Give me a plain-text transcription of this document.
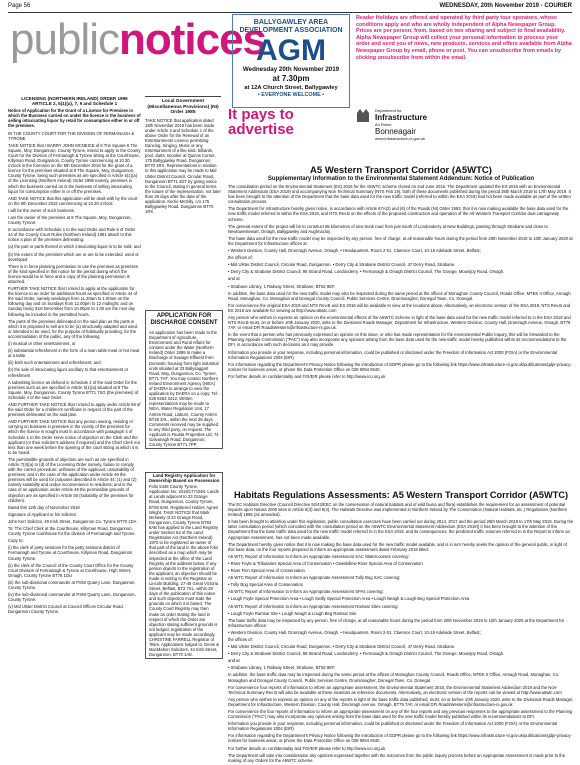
Page 56	WEDNESDAY, 20th November 2019 - COURIER
publicnotices
BALLYGAWLEY AREA
DEVELOPMENT ASSOCIATION
AGM
Wednesday 20th November 2019
at 7.30pm
at 12A Church Street, Ballygawley
• EVERYONE WELCOME •
Reader Holidays are offered and operated by third party tour operators, whose conditions apply and who are wholly independent of Alpha Newspaper Group. Prices are per person, from, based on two sharing and subject to final availability. Alpha Newspaper Group will collect your personal information to process your order and send you of news, new products, services and offers available from Alpha Newspaper Group by email, phone or post. You can unsubscribe from emails by clicking unsubscribe from within the email.
LICENSING (NORTHERN IRELAND) ORDER 1996
ARTICLE 2, 5(1)(a), 7, 9 and Schedule 1

Notice of Application for the Grant of a Licence for Premises in which the Business carried on under the licence is the business of selling intoxicating liquor by retail for consumption either in or off the premises.

IN THE COUNTY COURT FOR THE DIVISION OF FERMANAGH & TYRONE

TAKE NOTICE that I BARRY JOHN MCNEICE of 6 The Square 6 The Square, Moy, Dungannon, County Tyrone, intend to apply to the County Court for the Division of Fermanagh & Tyrone sitting at the Courthouse, Killyman Road, Dungannon, County Tyrone commencing at 10.30 o'clock in the forenoon on the 5th December 2019 for the grant of a licence for the premises situated at 9 The Square, Moy, Dungannon, County Tyrone, being such premises as are specified in Article 5(1)(a) of the Licensing (Northern Ireland) Order 1996 namely, premises in which the business carried on is the business of selling intoxicating liquor for consumption either in or off the premises.

AND TAKE NOTICE that this application will be dealt with by the court on the 5th December 2019 commencing at 10.30 o'clock.

I will be the owner of such business.

I am the owner of the premises at 9 The Square, Moy, Dungannon, County Tyrone.

In accordance with Schedule 1 to the said Order and Rule 6 of Order 44 of the County Court Rules (Northern Ireland) 1981 attach to this notice a plan of the premises delineating:

(a) the part or parts thereof in which intoxicating liquor is to be sold; and

(b) the extent of the premises which are or are to be extended, used or developed

There is in force planning permission to use the premises as premises of the kind specified in this notice for the period during which the licence would be in force and a copy of the planning permission is attached.

FURTHER TAKE NOTICE that I intend to apply at the application for the licence to an order for additional hours as specified in Article 44 of the said Order, namely weekdays from 11.30am to 1.00am on the following day and on Sundays from 12.00pm to 12 midnight; and on Sunday being 31st December from 10.00pm to 1.00 am the next day following be included in the permitted hours.

The parts of the premises delineated on the said plan as the parts in which it is proposed to sell are to be (a) structurally adapted and used, or intended to be used, for the purpose of habitually providing, for the accommodation of the public, any of the following:

(i) musical or other entertainment, or

(ii) substantial refreshment in the form of a main table meal or hot meal at a table.

(iii) both such entertainment and refreshment; and

(b) the sale of intoxicating liquor ancillary to that entertainment or refreshment

A subsisting licence as defined in Schedule 2 of the said Order for the premises such as are specified in Article 5(1)(a) situated at 9 The Square, Moy, Dungannon, County Tyrone BT71 7SG (the premises) of Schedule 4 of the said Order.

AND FURTHER TAKE NOTICE that I intend to apply under Article 59 of the said Order for a children's certificate in respect of the part of the premises delineated on the said plan.

AND FURTHER TAKE NOTICE that any person owning, residing or carrying on business in premises in the vicinity of the premises for which the licence is sought must in accordance with paragraph 4 of Schedule 1 to the Order serve notice of objection on the Clerk and the applicant (or their solicitor's address if required) and the Chief Clerk not less than one week before the opening of the court sitting at which it is to be heard.

The permissible grounds of objection are such as are specified in Article 7(4)(a) to (d) of the Licensing Order namely, failure to comply with the correct procedure; unfitness of the applicant; unsuitability of premises; and in the case of the application under Article 48 the premises will be used for purposes described in Article 44; (1) and (2) namely suitability and undue inconvenience to residents; and in the case of an application under Article 49 the permissible grounds of objection are as specified in Article 50 (suitability of the premises for children).

Dated this 12th day of November 2019

Signature of Applicant or his Solicitor

John Kerr Solicitor, 49 Irish Street, Dungannon Co. Tyrone BT70 1DA

To: The Chief Clerk at the Courthouse, Killyman Road, Dungannon, County Tyrone courthouse for the division of Fermanagh and Tyrone.

Copy to:

(i) the clerk of petty sessions for the petty sessions district of Fermanagh and Tyrone at Courthouse, Killyman Road, Dungannon County Tyrone.

(ii) the clerk of the Council of the County Court Office for the County Court Division of Fermanagh & Tyrone at Courthouse, High Street, Omagh, County Tyrone BT78 1DU

(iii) the sub-divisional commander at PSNI Quarry Lane, Dungannon, County Tyrone.

(iv) the sub-divisional commander at PSNI Quarry Lane, Dungannon, County Tyrone.

(v) Mid Ulster District Council at Council Offices Circular Road, Dungannon County Tyrone.

Local Government (Miscellaneous Provisions) (NI) Order 1985

TAKE NOTICE that application dated 18th November 2019 has been made under Article 3 and Schedule 1 of the above Order for the Renewal of an Entertainments Licence permitting: Dancing, Singing, Music or any Entertainment of a like kind, billiards, pool, darts, snooker at Quinns Corner, 175 Ballygawley Road, Dungannon BT70 1RX. Representations in relation to this application may be made to Mid Ulster District Council, Circular Road, Dungannon BT71 4DT by giving notice to the Council, stating in general terms the nature of the representation, not later than 28 days after the date of the application. Kerrie McGilly, c/o 175 Ballygawley Road, Dungannon BT70 1RX

It pays to advertise
Department for
Infrastructure
An Roinn
Bonneagair
www.infrastructure-ni.gov.uk
A5 Western Transport Corridor (A5WTC)
Supplementary Information to the Environmental Statement Addendum: Notice of Publication

The consultation period on the Environmental Statement (ES) 2016 for the A5WTC scheme closed on 2nd June 2016. The Department updated the ES 2016 with an Environmental Statement Addendum (ESA 2019) and accompanying Non Technical Summary (NTS Feb 19), both of these documents published during the period 26th March 2019 to 17th May 2019. It has been brought to the attention of the Department that the base data used for the new traffic model (referred to within the ESA 2019) had not been made available as part of the written consultation process.

The Department for Infrastructure hereby gives notice, in accordance with Article 67A(2) and (6) of the Roads (NI) Order 1993, that it is now making available the base data used for the new traffic model referred to within the ESA 2019, and NTS Rev.B on the effects of the proposed construction and operation of the A5 Western Transport Corridor dual carriageway scheme.

The general extent of the project will be to construct 85 kilometres of new trunk road from just south of Londonderry at New Buildings, passing through Strabane and close to Newtownstewart, Omagh, Ballygawley and Aughnacloy.

The base data used for the new traffic model may be inspected by any person, free of charge, at all reasonable hours during the period from 20th November 2019 to 10th January 2020 at the Department for Infrastructure offices at:

• Western Division, County Hall, Drumragh Avenue, Omagh. • Headquarters, Room 2-01, Clarence Court, 10-18 Adelaide Street, Belfast;

the offices of:

• Mid Ulster District Council, Circular Road, Dungannon. • Derry City & Strabane District Council, 47 Derry Road, Strabane.

• Derry City & Strabane District Council, 98 Strand Road, Londonderry. • Fermanagh & Omagh District Council, The Grange, Mountjoy Road, Omagh.

and at

• Strabane Library, 1 Railway Street, Strabane, BT82 8EF.

In addition, the base data used for the new traffic model may also be inspected during the same period at the offices of Monaghan County Council, Roads Office, MTEK II Office, Armagh Road, Monaghan, Co. Monaghan and Donegal County Council, Public Services Centre, Drumlonagher, Donegal Town, Co. Donegal.

For convenience the original ESA 2019 and NTS Rev.B and ES 2016 will be available to view at the locations above. Alternatively, an electronic version of the ESA 2019, NTS Rev.B and ES 2016 are available for viewing at http://www.a5wtc.com

Any person who wishes to express an opinion on the environmental effects of the A5WTC Scheme in light of the base data used for the new traffic model referred to in the ESA 2019 and NTS Rev.B must, on or before 10th January 2020, write to the Divisional Roads Manager, Department for Infrastructure, Western Division, County Hall, Drumragh Avenue, Omagh, BT79 7AF, or email DFI.RoadsWestern@infrastructure-ni.gov.uk.

In the event that a person who has previously expressed an opinion on this issue, or who has made representation for the environmental Public Inquiry, this will be forwarded to the Planning Appeals Commission ("PAC") may also incorporate any opinions arising from the base data used for the new traffic model hereby published within its recommendations to the DFI, in accordance with such decisions as it may provide.

Information you provide in your response, including personal information, could be published or disclosed under the Freedom of Information Act 2000 (FOIA) or the Environmental Information Regulations 2004 (EIR).

For information regarding the Department's Privacy Notice following the introduction of GDPR please go to the following link https://www.infrastructure-ni.gov.uk/publications/gdpr-privacy-notices for business areas, or phone the Data Protection Office on 028 9054 0540.

For further details on confidentiality and FOI/EIR please refer to http://www.ico.org.uk

Habitats Regulations Assessments: A5 Western Transport Corridor (A5WTC)

The EC Habitats Directive (Council Directive 92/43/EEC on the conservation of natural habitats and of wild fauna and flora) establishes the requirement for an assessment of potential impacts upon Natura 2000 sites in Article 6(3) and 6(4). The Habitats Directive was implemented in Northern Ireland by The Conservation (Natural Habitats, etc.) Regulations (Northern Ireland) 1995 (as amended).

It has been brought to attention under this legislation, public consultation exercises have been carried out during 2014, 2017 and the period 26th March 2019 to 17th May 2019. During the latter consultation period (which coincided with the consultation period on the A5WTC Environmental Statement Addendum (ESA 2019)) it has been brought to the attention of the Department that the base traffic data used for the new traffic model referred to in the ESA 2019, and its consequences, the predicted traffic volumes referred to in the Report to inform an Appropriate Assessment, has not been made available.

The Department hereby gives notice that it is now making the base data used for the new traffic model available, and is in turn hereby seeks the opinion of the general public, in light of this base data, on the four reports prepared to inform an appropriate assessment dated February 2019 titled:

A5 WTC Report of Information to Inform an Appropriate Assessment SAC Watercourses covering:

• River Foyle & Tributaries Special Area of Conservation • Owenkillew River Special Area of Conservation

• River Finn Special Area of Conservation

A5 WTC Report of Information to Inform an Appropriate Assessment Tully Bog SAC covering:

• Tully Bog Special Area of Conservation

A5 WTC Report of Information to Inform an Appropriate Assessment SPAs covering:

• Lough Foyle Special Protection Area • Lough Swilly Special Protection Area • Lough Neagh & Lough Beg Special Protection Area

A5 WTC Report of Information to Inform an Appropriate Assessment Ramsar Sites covering:

• Lough Foyle Ramsar Site • Lough Neagh & Lough Beg Ramsar Site

The base traffic data may be inspected by any person, free of charge, at all reasonable hours during the period from 20th November 2019 to 10th January 2020 at the Department for Infrastructure offices:

• Western Division, County Hall, Drumragh Avenue, Omagh. • Headquarters, Room 2-01, Clarence Court, 10-18 Adelaide Street, Belfast;

the offices of:

• Mid Ulster District Council, Circular Road, Dungannon. • Derry City & Strabane District Council, 47 Derry Road, Strabane.

• Derry City & Strabane District Council, 98 Strand Road, Londonderry. • Fermanagh & Omagh District Council, The Grange, Mountjoy Road, Omagh.

and at

• Strabane Library, 1 Railway Street, Strabane, BT82 8EF.

In addition, the base traffic data may be inspected during the same period at the offices of Monaghan County Council, Roads Office, MTEK II Office, Armagh Road, Monaghan, Co. Monaghan and Donegal County Council, Public Services Centre, Drumlonagher, Donegal Town, Co. Donegal.

For convenience four reports of information to inform an appropriate assessment, the Environmental Statement 2016, the Environmental Statement Addendum 2019 and the Non-Technical Summary Rev B will also be available at these locations as reference documents. Alternatively, an electronic version of the reports can be viewed at http://www.a5wtc.com

Any person who wishes to express an opinion on any of the reports in light of the base traffic data published, must, on or before 10th January 2020, write to the Divisional Roads Manager, Department for Infrastructure, Western Division, County Hall, Drumragh Avenue, Omagh, BT79 7AF, or email DFI.RoadsWestern@infrastructure-ni.gov.uk

For convenience the four reports of information to inform an appropriate assessment on any of the four reports and any previous responses to the appropriate assessment to the Planning Commission ("PAC") may also incorporate any opinions arising from the base data used for the new traffic model hereby published within its recommendations to DFI.

Information you provide in your response, including personal information, could be published or disclosed under the Freedom of Information Act 2000 (FOIA) or the Environmental Information Regulations 2004 (EIR).

For information regarding the Department's Privacy Notice following the introduction of GDPR please go to the following link https://www.infrastructure-ni.gov.uk/publications/gdpr-privacy-notices for business areas, or phone the Data Protection Office on 028 9054 0540.

For further details on confidentiality and FOI/EIR please refer to http://www.ico.org.uk

The Department will take into consideration any opinions expressed together with the outcomes from the public inquiry process before an Appropriate Assessment is made prior to the making of any Orders for the A5WTC scheme.

APPLICATION FOR DISCHARGE CONSENT
An application has been made to the Department of Agriculture, Environment and Rural Affairs for consent under the Water (Northern Ireland) Order 1999 to make a Discharge of Sewage Effluent from Domestic housing from light industrial units situated at 33 Ballysaggart Road, Moy, Dungannon, Co. Tyrone, BT71 7HT. You may contact Northern Ireland Environment Agency (NIEA) of DAERA to arrange to view the application by DAERA on a copy: Tel: 028 9263 3412. Written representations may be made to NIEA, Water Regulation Unit, 17 Antrim Road, Lisburn, County Antrim BT28 3AL, within the next 28 days. Comments received may be supplied to any third party, on request. The Applicant is Fausta Properties Ltd, 74 Galvanagh Road, Dungannon, County Tyrone BT71 7PP
Land Registry Application for Ownership Based on Possession
Folio 5448 County Tyrone. Application No: 2019/1771564. Lands at Lands adjacent to 23 Grange Road, Dungannon, County Tyrone, BT83 8AB. Registered Holder: Agnes Wright. TAKE NOTICE that Mark McNeely of 23 Grange Road, Dungannon, County Tyrone BT83 8AB has applied to the Land Registry under Section 53 of the Land Registration Act (Northern Ireland) 1970 to be registered as owner of that part of the land in the above folio described as a map which may be inspected at the office of the Land Registry at the address below. If any person objects to the registration of the applicant, an objection should be made in writing to the Registrar at Lincoln Building, 27-45 Great Victoria Street, Belfast, BT2 7SL, within 28 days of the publication of this notice and such objection must state the grounds on which it is based. The County Court Registry may then make an order stating the land in respect of which the Order are objection stating sufficient grounds is not lodged, registration of the applicant may be made accordingly. CHRISTINE FARRELL Registrar of Titles. Applications lodged to: Denis & MacMahon Solicitors, 44 Irish Street, Dungannon, BT70 1AE.
